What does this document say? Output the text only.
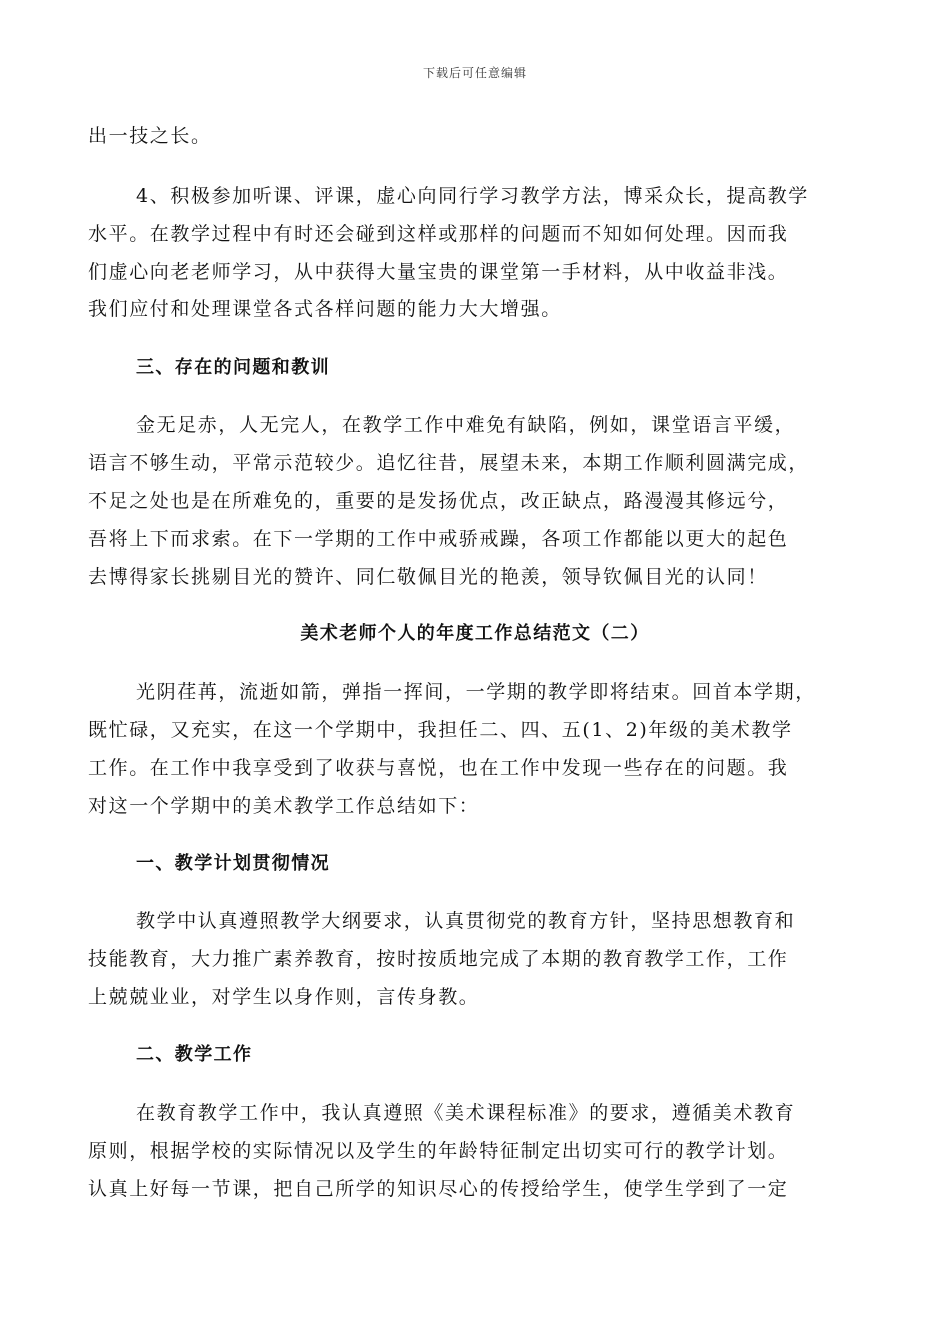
下载后可任意编辑
出一技之长。
4、积极参加听课、评课，虚心向同行学习教学方法，博采众长，提高教学
水平。在教学过程中有时还会碰到这样或那样的问题而不知如何处理。因而我
们虚心向老老师学习，从中获得大量宝贵的课堂第一手材料，从中收益非浅。
我们应付和处理课堂各式各样问题的能力大大增强。
三、存在的问题和教训
金无足赤，人无完人，在教学工作中难免有缺陷，例如，课堂语言平缓，
语言不够生动，平常示范较少。追忆往昔，展望未来，本期工作顺利圆满完成，
不足之处也是在所难免的，重要的是发扬优点，改正缺点，路漫漫其修远兮，
吾将上下而求索。在下一学期的工作中戒骄戒躁，各项工作都能以更大的起色
去博得家长挑剔目光的赞许、同仁敬佩目光的艳羡，领导钦佩目光的认同！
美术老师个人的年度工作总结范文（二）
光阴荏苒，流逝如箭，弹指一挥间，一学期的教学即将结束。回首本学期，
既忙碌，又充实，在这一个学期中，我担任二、四、五(1、2)年级的美术教学
工作。在工作中我享受到了收获与喜悦，也在工作中发现一些存在的问题。我
对这一个学期中的美术教学工作总结如下：
一、教学计划贯彻情况
教学中认真遵照教学大纲要求，认真贯彻党的教育方针，坚持思想教育和
技能教育，大力推广素养教育，按时按质地完成了本期的教育教学工作，工作
上兢兢业业，对学生以身作则，言传身教。
二、教学工作
在教育教学工作中，我认真遵照《美术课程标准》的要求，遵循美术教育
原则，根据学校的实际情况以及学生的年龄特征制定出切实可行的教学计划。
认真上好每一节课，把自己所学的知识尽心的传授给学生，使学生学到了一定
